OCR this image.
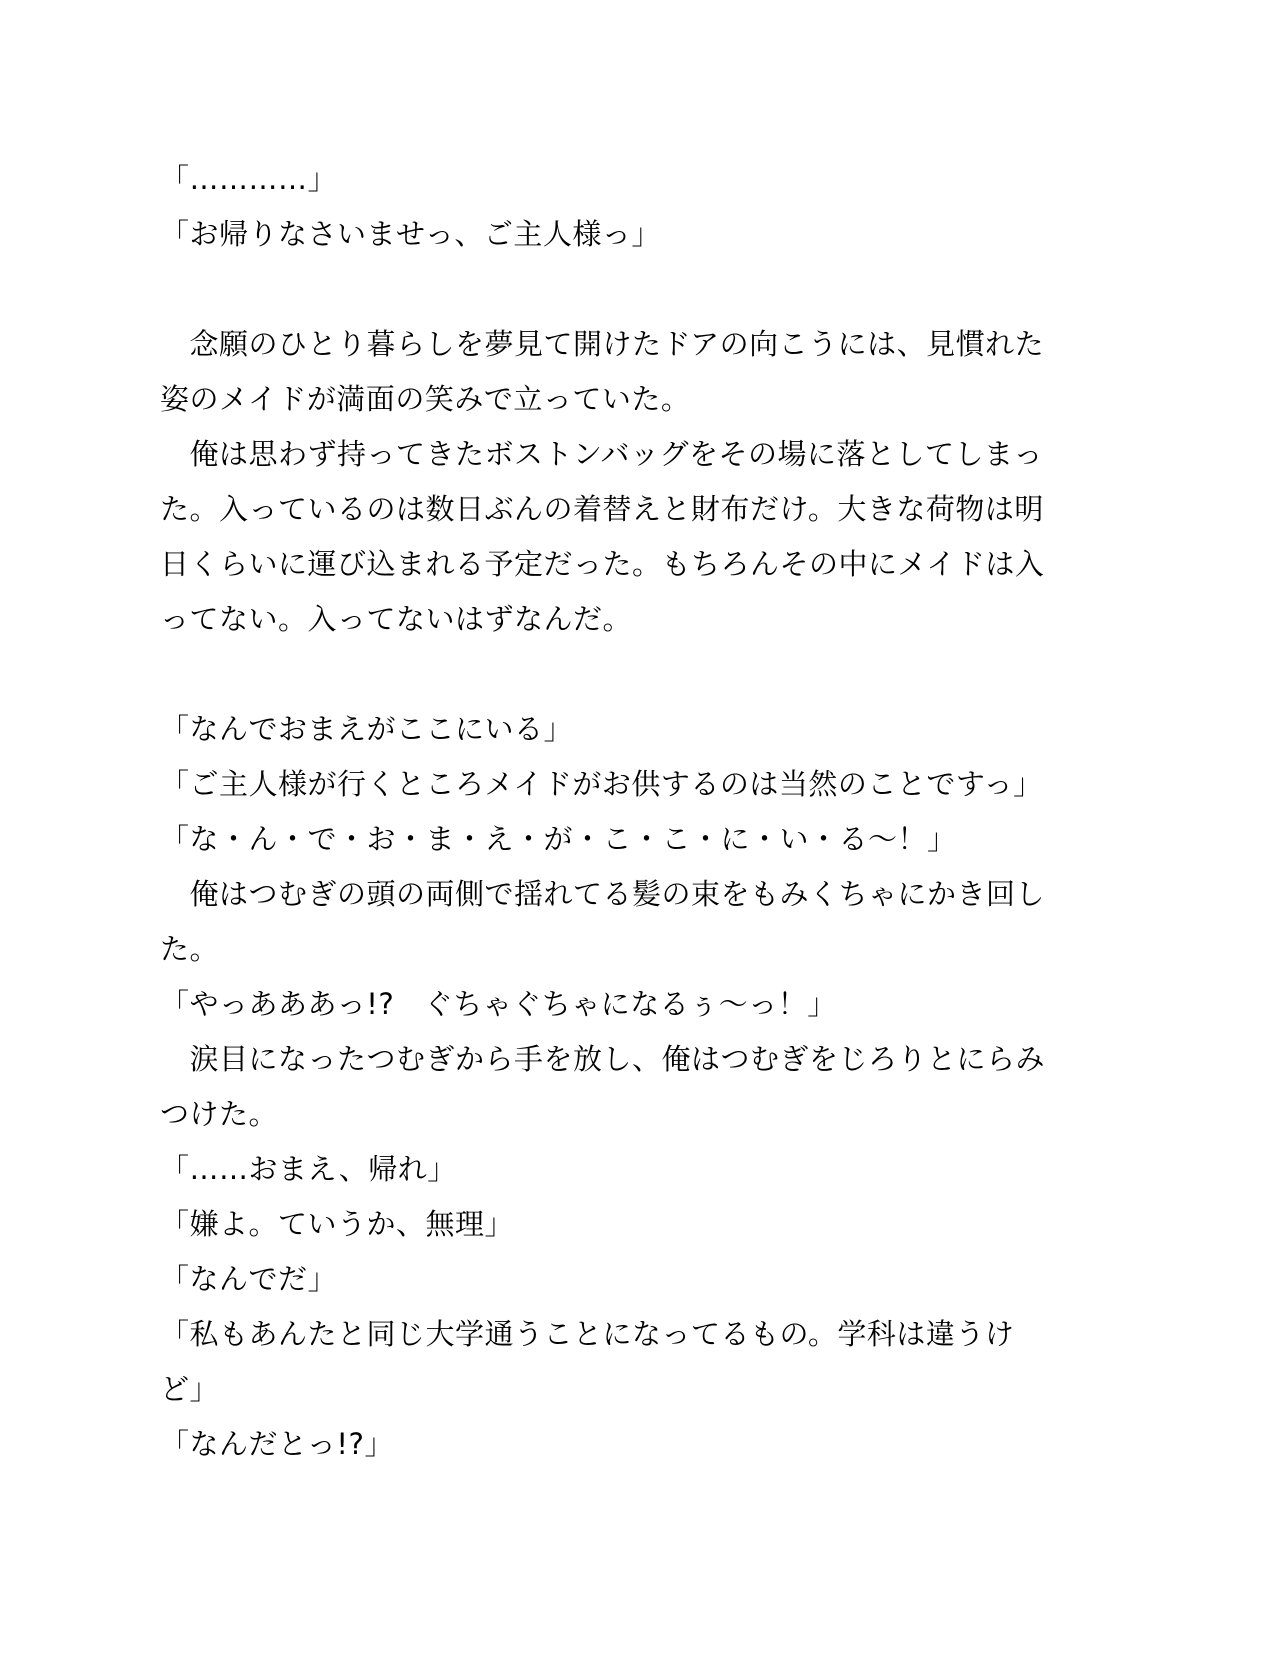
「…………」
「お帰りなさいませっ、ご主人様っ」
　念願のひとり暮らしを夢見て開けたドアの向こうには、見慣れた
姿のメイドが満面の笑みで立っていた。
　俺は思わず持ってきたボストンバッグをその場に落としてしまっ
た。入っているのは数日ぶんの着替えと財布だけ。大きな荷物は明
日くらいに運び込まれる予定だった。もちろんその中にメイドは入
ってない。入ってないはずなんだ。
「なんでおまえがここにいる」
「ご主人様が行くところメイドがお供するのは当然のことですっ」
「な・ん・で・お・ま・え・が・こ・こ・に・い・る～！」
　俺はつむぎの頭の両側で揺れてる髪の束をもみくちゃにかき回し
た。
「やっあああっ!?　ぐちゃぐちゃになるぅ～っ！」
　涙目になったつむぎから手を放し、俺はつむぎをじろりとにらみ
つけた。
「……おまえ、帰れ」
「嫌よ。ていうか、無理」
「なんでだ」
「私もあんたと同じ大学通うことになってるもの。学科は違うけ
ど」
「なんだとっ!?」
